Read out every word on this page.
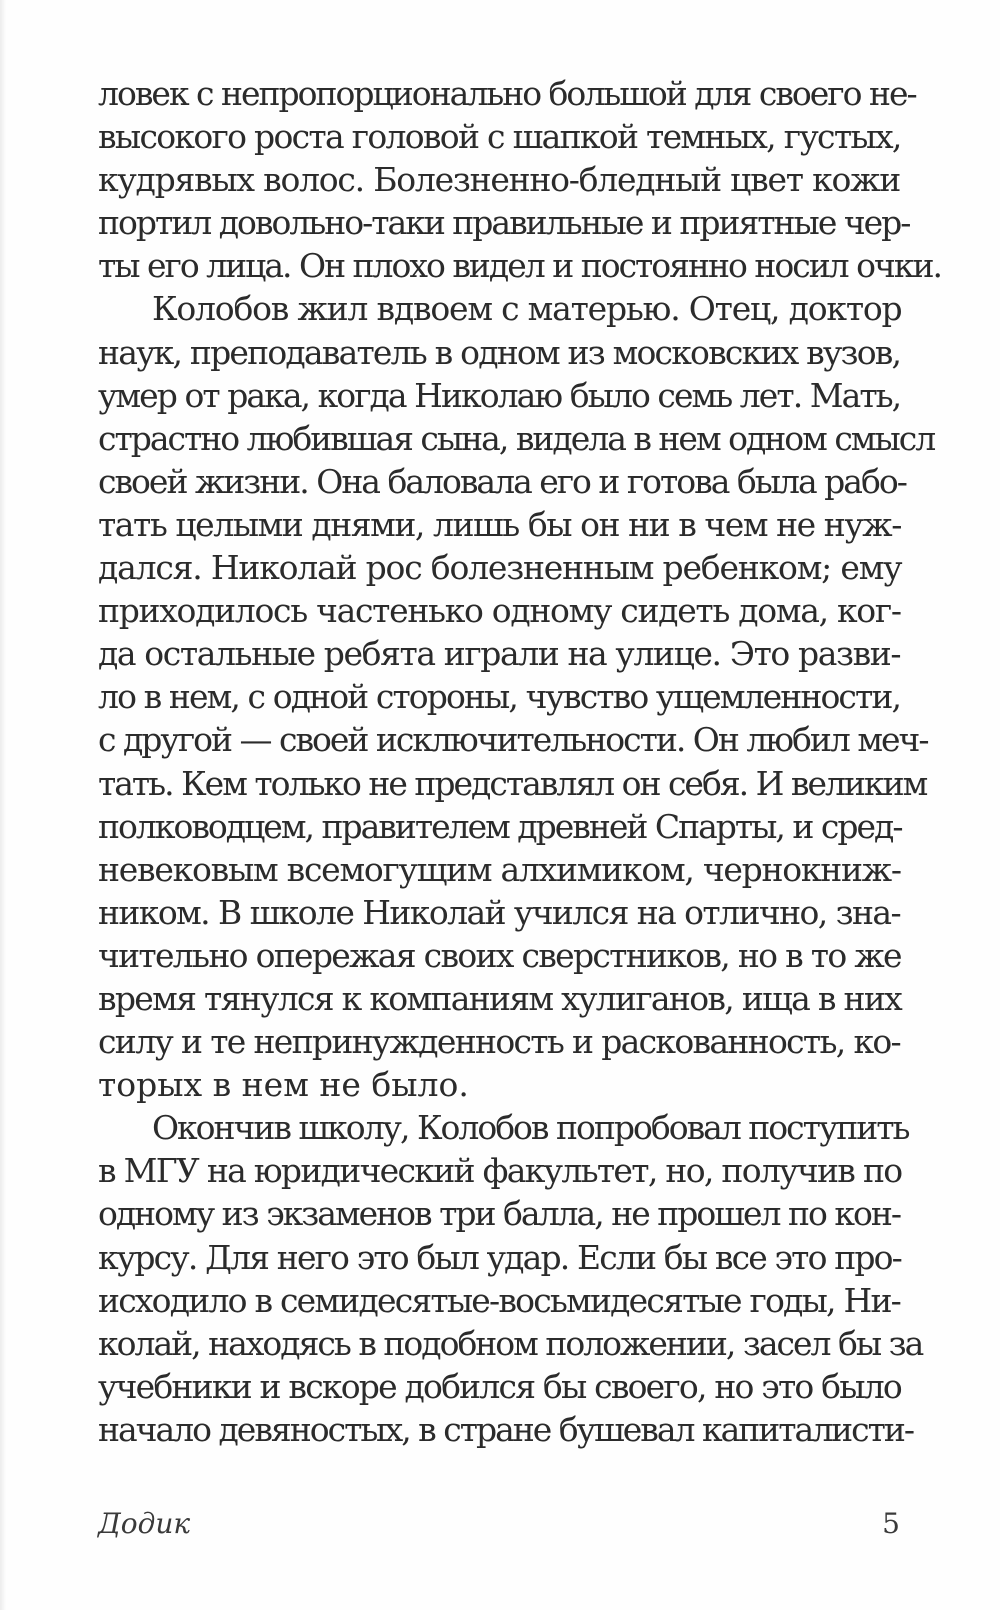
ловек с непропорционально большой для своего не-
высокого роста головой с шапкой темных, густых,
кудрявых волос. Болезненно-бледный цвет кожи
портил довольно-таки правильные и приятные чер-
ты его лица. Он плохо видел и постоянно носил очки.
Колобов жил вдвоем с матерью. Отец, доктор
наук, преподаватель в одном из московских вузов,
умер от рака, когда Николаю было семь лет. Мать,
страстно любившая сына, видела в нем одном смысл
своей жизни. Она баловала его и готова была рабо-
тать целыми днями, лишь бы он ни в чем не нуж-
дался. Николай рос болезненным ребенком; ему
приходилось частенько одному сидеть дома, ког-
да остальные ребята играли на улице. Это разви-
ло в нем, с одной стороны, чувство ущемленности,
с другой — своей исключительности. Он любил меч-
тать. Кем только не представлял он себя. И великим
полководцем, правителем древней Спарты, и сред-
невековым всемогущим алхимиком, чернокниж-
ником. В школе Николай учился на отлично, зна-
чительно опережая своих сверстников, но в то же
время тянулся к компаниям хулиганов, ища в них
силу и те непринужденность и раскованность, ко-
торых в нем не было.
Окончив школу, Колобов попробовал поступить
в МГУ на юридический факультет, но, получив по
одному из экзаменов три балла, не прошел по кон-
курсу. Для него это был удар. Если бы все это про-
исходило в семидесятые-восьмидесятые годы, Ни-
колай, находясь в подобном положении, засел бы за
учебники и вскоре добился бы своего, но это было
начало девяностых, в стране бушевал капиталисти-
Додик	5
